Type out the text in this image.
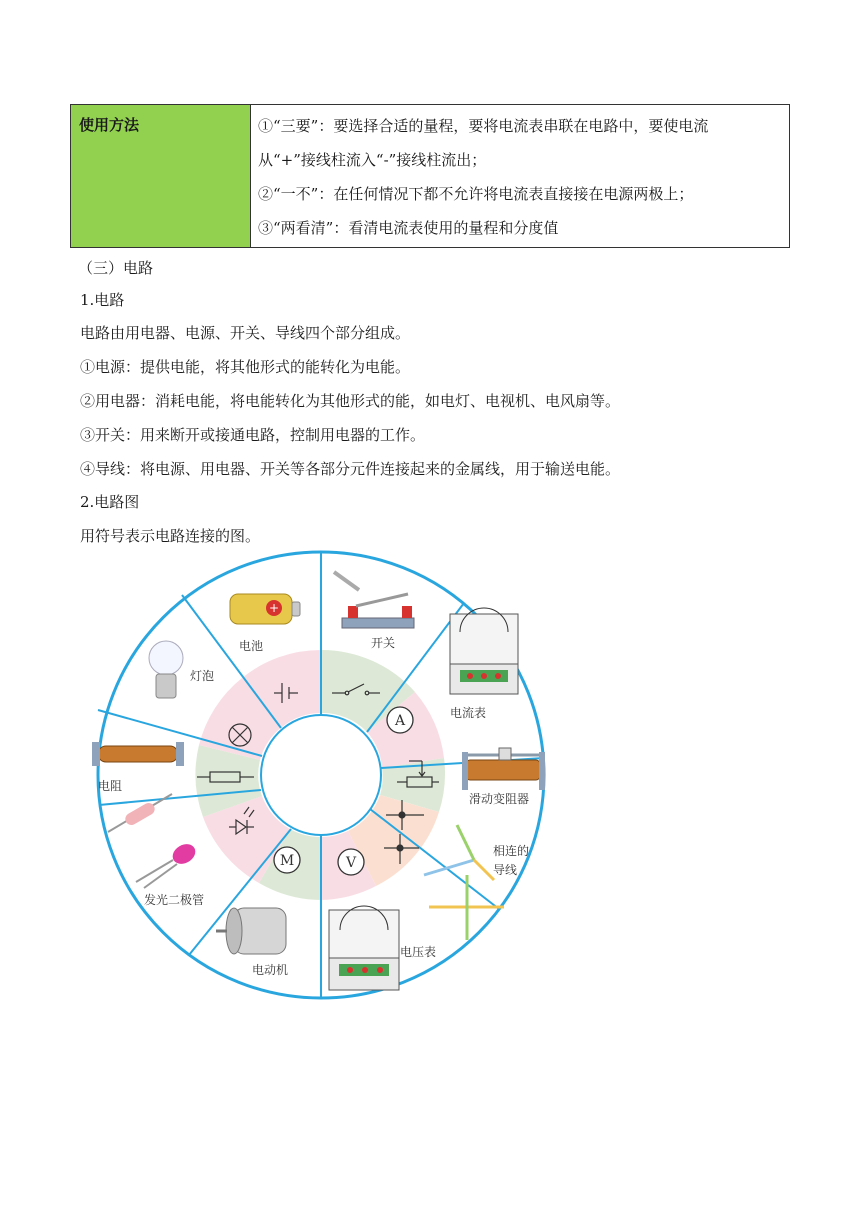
使用方法	①“三要”：要选择合适的量程，要将电流表串联在电路中，要使电流

从“+”接线柱流入“-”接线柱流出；

②“一不”：在任何情况下都不允许将电流表直接接在电源两极上；

③“两看清”：看清电流表使用的量程和分度值

（三）电路
1.电路
电路由用电器、电源、开关、导线四个部分组成。
①电源：提供电能，将其他形式的能转化为电能。
②用电器：消耗电能，将电能转化为其他形式的能，如电灯、电视机、电风扇等。
③开关：用来断开或接通电路，控制用电器的工作。
④导线：将电源、用电器、开关等各部分元件连接起来的金属线，用于输送电能。
2.电路图
用符号表示电路连接的图。
A
V
M
+
电池	开关
电流表
滑动变阻器
相连的
导线
电压表
电动机
发光二极管
电阻
灯泡
